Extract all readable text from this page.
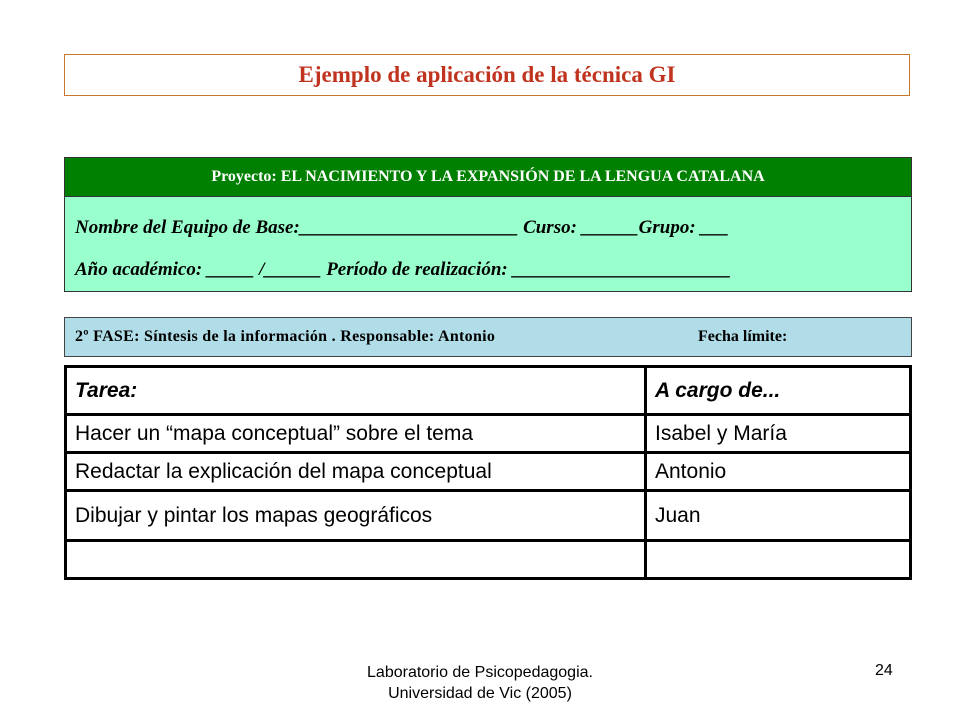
Ejemplo de aplicación de la técnica GI
Proyecto: EL NACIMIENTO Y LA EXPANSIÓN DE LA LENGUA CATALANA
Nombre del Equipo de Base:_______________________ Curso: ______Grupo: ___
Año académico: _____ /______ Período de realización: _______________________
2º FASE: Síntesis de la información . Responsable: Antonio	Fecha límite:
Tarea:	A cargo de...
Hacer un “mapa conceptual” sobre el tema	Isabel y María
Redactar la explicación del mapa conceptual	Antonio
Dibujar y pintar los mapas geográficos	Juan

Laboratorio de Psicopedagogia.
Universidad de Vic (2005)
24
